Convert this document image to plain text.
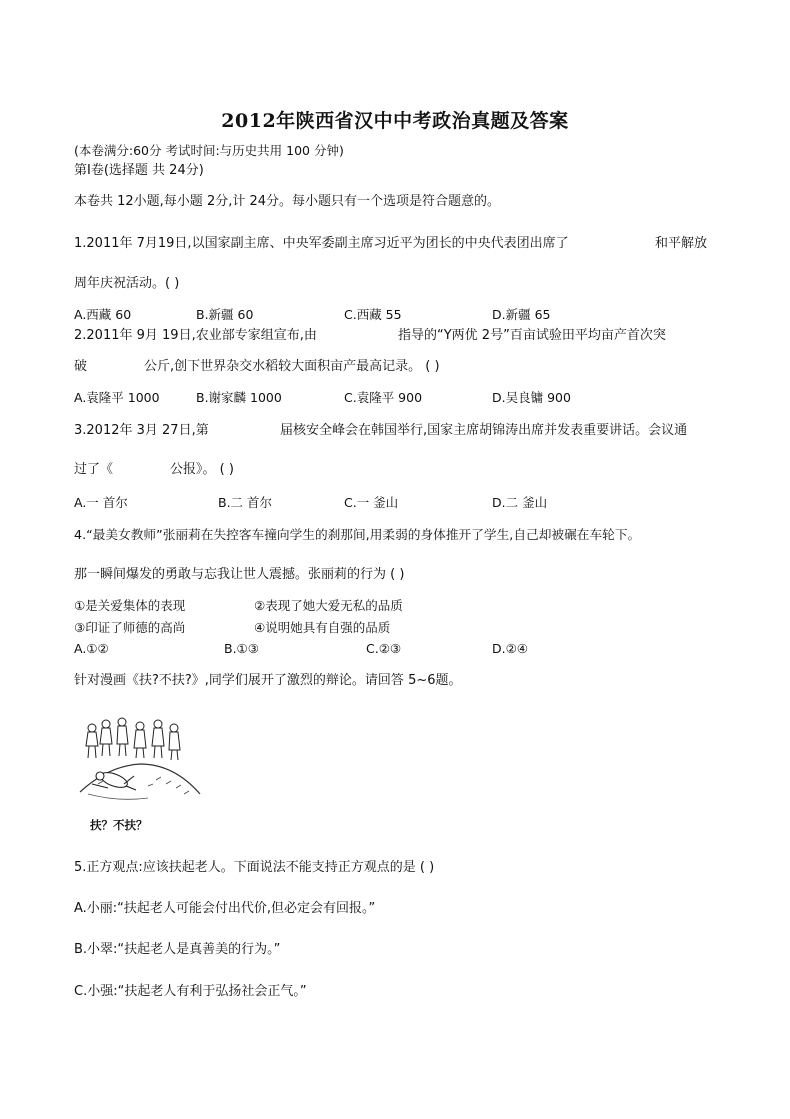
2012年陕西省汉中中考政治真题及答案
(本卷满分:60分 考试时间:与历史共用 100 分钟)
第Ⅰ卷(选择题 共 24分)
本卷共 12小题,每小题 2分,计 24分。每小题只有一个选项是符合题意的。
1.2011年 7月19日,以国家副主席、中央军委副主席习近平为团长的中央代表团出席了	和平解放
周年庆祝活动。( )
A.西藏 60	B.新疆 60	C.西藏 55	D.新疆 65
2.2011年 9月 19日,农业部专家组宣布,由	指导的“Y两优 2号”百亩试验田平均亩产首次突
破	公斤,创下世界杂交水稻较大面积亩产最高记录。 ( )
A.袁隆平 1000	B.谢家麟 1000	C.袁隆平 900	D.吴良镛 900
3.2012年 3月 27日,第	届核安全峰会在韩国举行,国家主席胡锦涛出席并发表重要讲话。会议通
过了《	公报》。 ( )
A.一 首尔	B.二 首尔	C.一 釜山	D.二 釜山
4.“最美女教师”张丽莉在失控客车撞向学生的刹那间,用柔弱的身体推开了学生,自己却被碾在车轮下。
那一瞬间爆发的勇敢与忘我让世人震撼。张丽莉的行为 ( )
①是关爱集体的表现	②表现了她大爱无私的品质
③印证了师德的高尚	④说明她具有自强的品质
A.①②	B.①③	C.②③	D.②④
针对漫画《扶?不扶?》,同学们展开了激烈的辩论。请回答 5~6题。
扶？不扶？
5.正方观点:应该扶起老人。下面说法不能支持正方观点的是 ( )
A.小丽:“扶起老人可能会付出代价,但必定会有回报。”
B.小翠:“扶起老人是真善美的行为。”
C.小强:“扶起老人有利于弘扬社会正气。”
